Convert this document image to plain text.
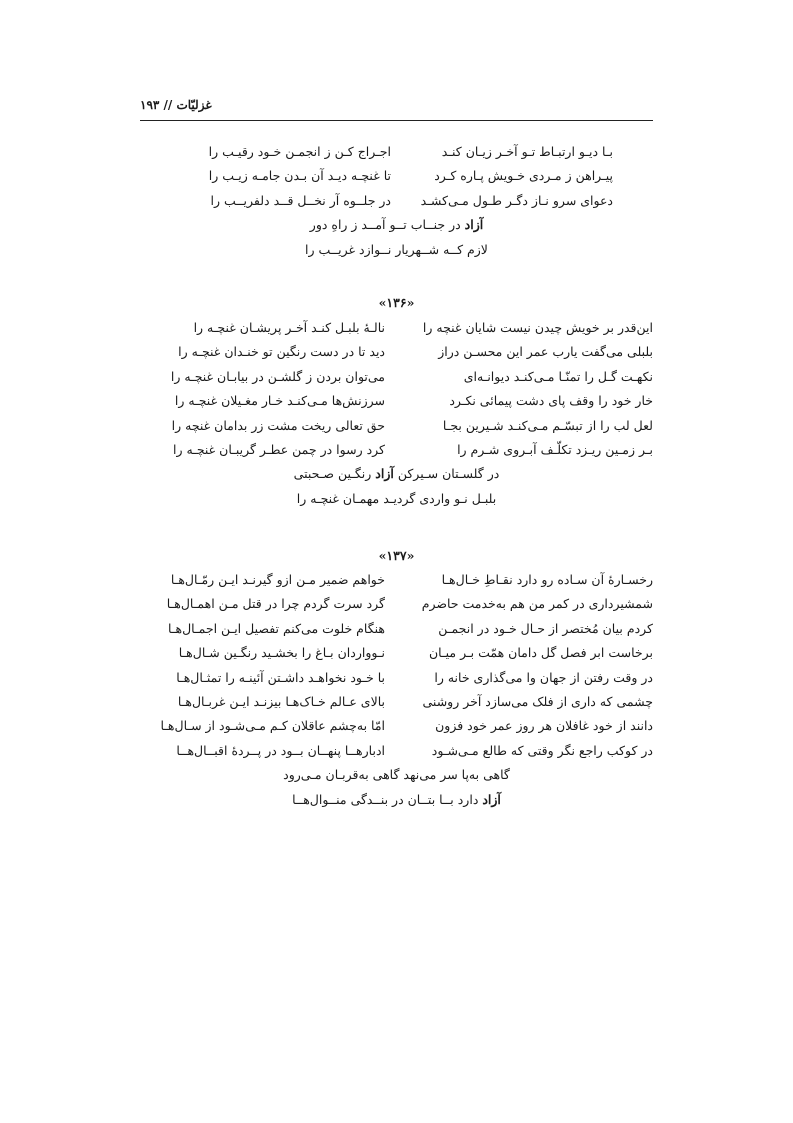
غزلیّات // ۱۹۳
بـا دیـو ارتبـاط تـو آخـر زیـان کنـد
اجـراج کـن ز انجمـن خـود رقیـب را
پیـراهن ز مـردی خـویش پـاره کـرد
تا غنچـه دیـد آن بـدن جامـه زیـب را
دعوای سرو نـاز دگـر طـول مـی‌کشـد
در جلــوه آر نخــل قــد دلفریــب را
آزاد در جنــاب تــو آمــد ز راهِ دور
لازم کــه شــهریار نــوازد غریــب را
«۱۳۶»
این‌قدر بر خویش چیدن نیست شایان غنچه را
نالـهٔ بلبـل کنـد آخـر پریشـان غنچـه را
بلبلی می‌گفت یارب عمر این محسـن دراز
دید تا در دست رنگین تو خنـدان غنچـه را
نکهـت گـل را تمنّـا مـی‌کنـد دیوانـه‌ای
می‌توان بردن ز گلشـن در بیابـان غنچـه را
خار خود را وقف پای دشت پیمائی نکـرد
سرزنش‌ها مـی‌کنـد خـار مغـیلان غنچـه را
لعل لب را از تبسّـم مـی‌کنـد شـیرین بجـا
حق تعالی ریخت مشت زر بدامان غنچه را
بـر زمـین ریـزد تکلّـف آبـروی شـرم را
کرد رسوا در چمن عطـر گریبـان غنچـه را
در گلسـتان سـیرکن آزاد رنگـین صـحبتی
بلبـل نـو واردی گردیـد مهمـان غنچـه را
«۱۳۷»
رخسـارهٔ آن سـاده رو دارد نقـاطِ خـال‌هـا
خواهم ضمیر مـن ازو گیرنـد ایـن رمّـال‌هـا
شمشیرداری در کمر من هم به‌خدمت حاضرم
گرد سرت گردم چرا در قتل مـن اهمـال‌هـا
کردم بیان مُختصر از حـال خـود در انجمـن
هنگام خلوت می‌کنم تفصیل ایـن اجمـال‌هـا
برخاست ابر فصل گل دامان همّت بـر میـان
نـوواردان بـاغ را بخشـید رنگـین شـال‌هـا
در وقت رفتن از جهان وا می‌گذاری خانه را
با خـود نخواهـد داشـتن آئینـه را تمثـال‌هـا
چشمی که داری از فلک می‌سازد آخر روشنی
بالای عـالم خـاک‌هـا بیزنـد ایـن غربـال‌هـا
دانند از خود غافلان هر روز عمر خود فزون
امّا به‌چشم عاقلان کـم مـی‌شـود از سـال‌هـا
در کوکب راجع نگر وقتی که طالع مـی‌شـود
ادبارهــا پنهــان بــود در پــردهٔ اقبــال‌هــا
گاهی به‌پا سر می‌نهد گاهی به‌قربـان مـی‌رود
آزاد دارد بــا بتــان در بنــدگی منــوال‌هــا
